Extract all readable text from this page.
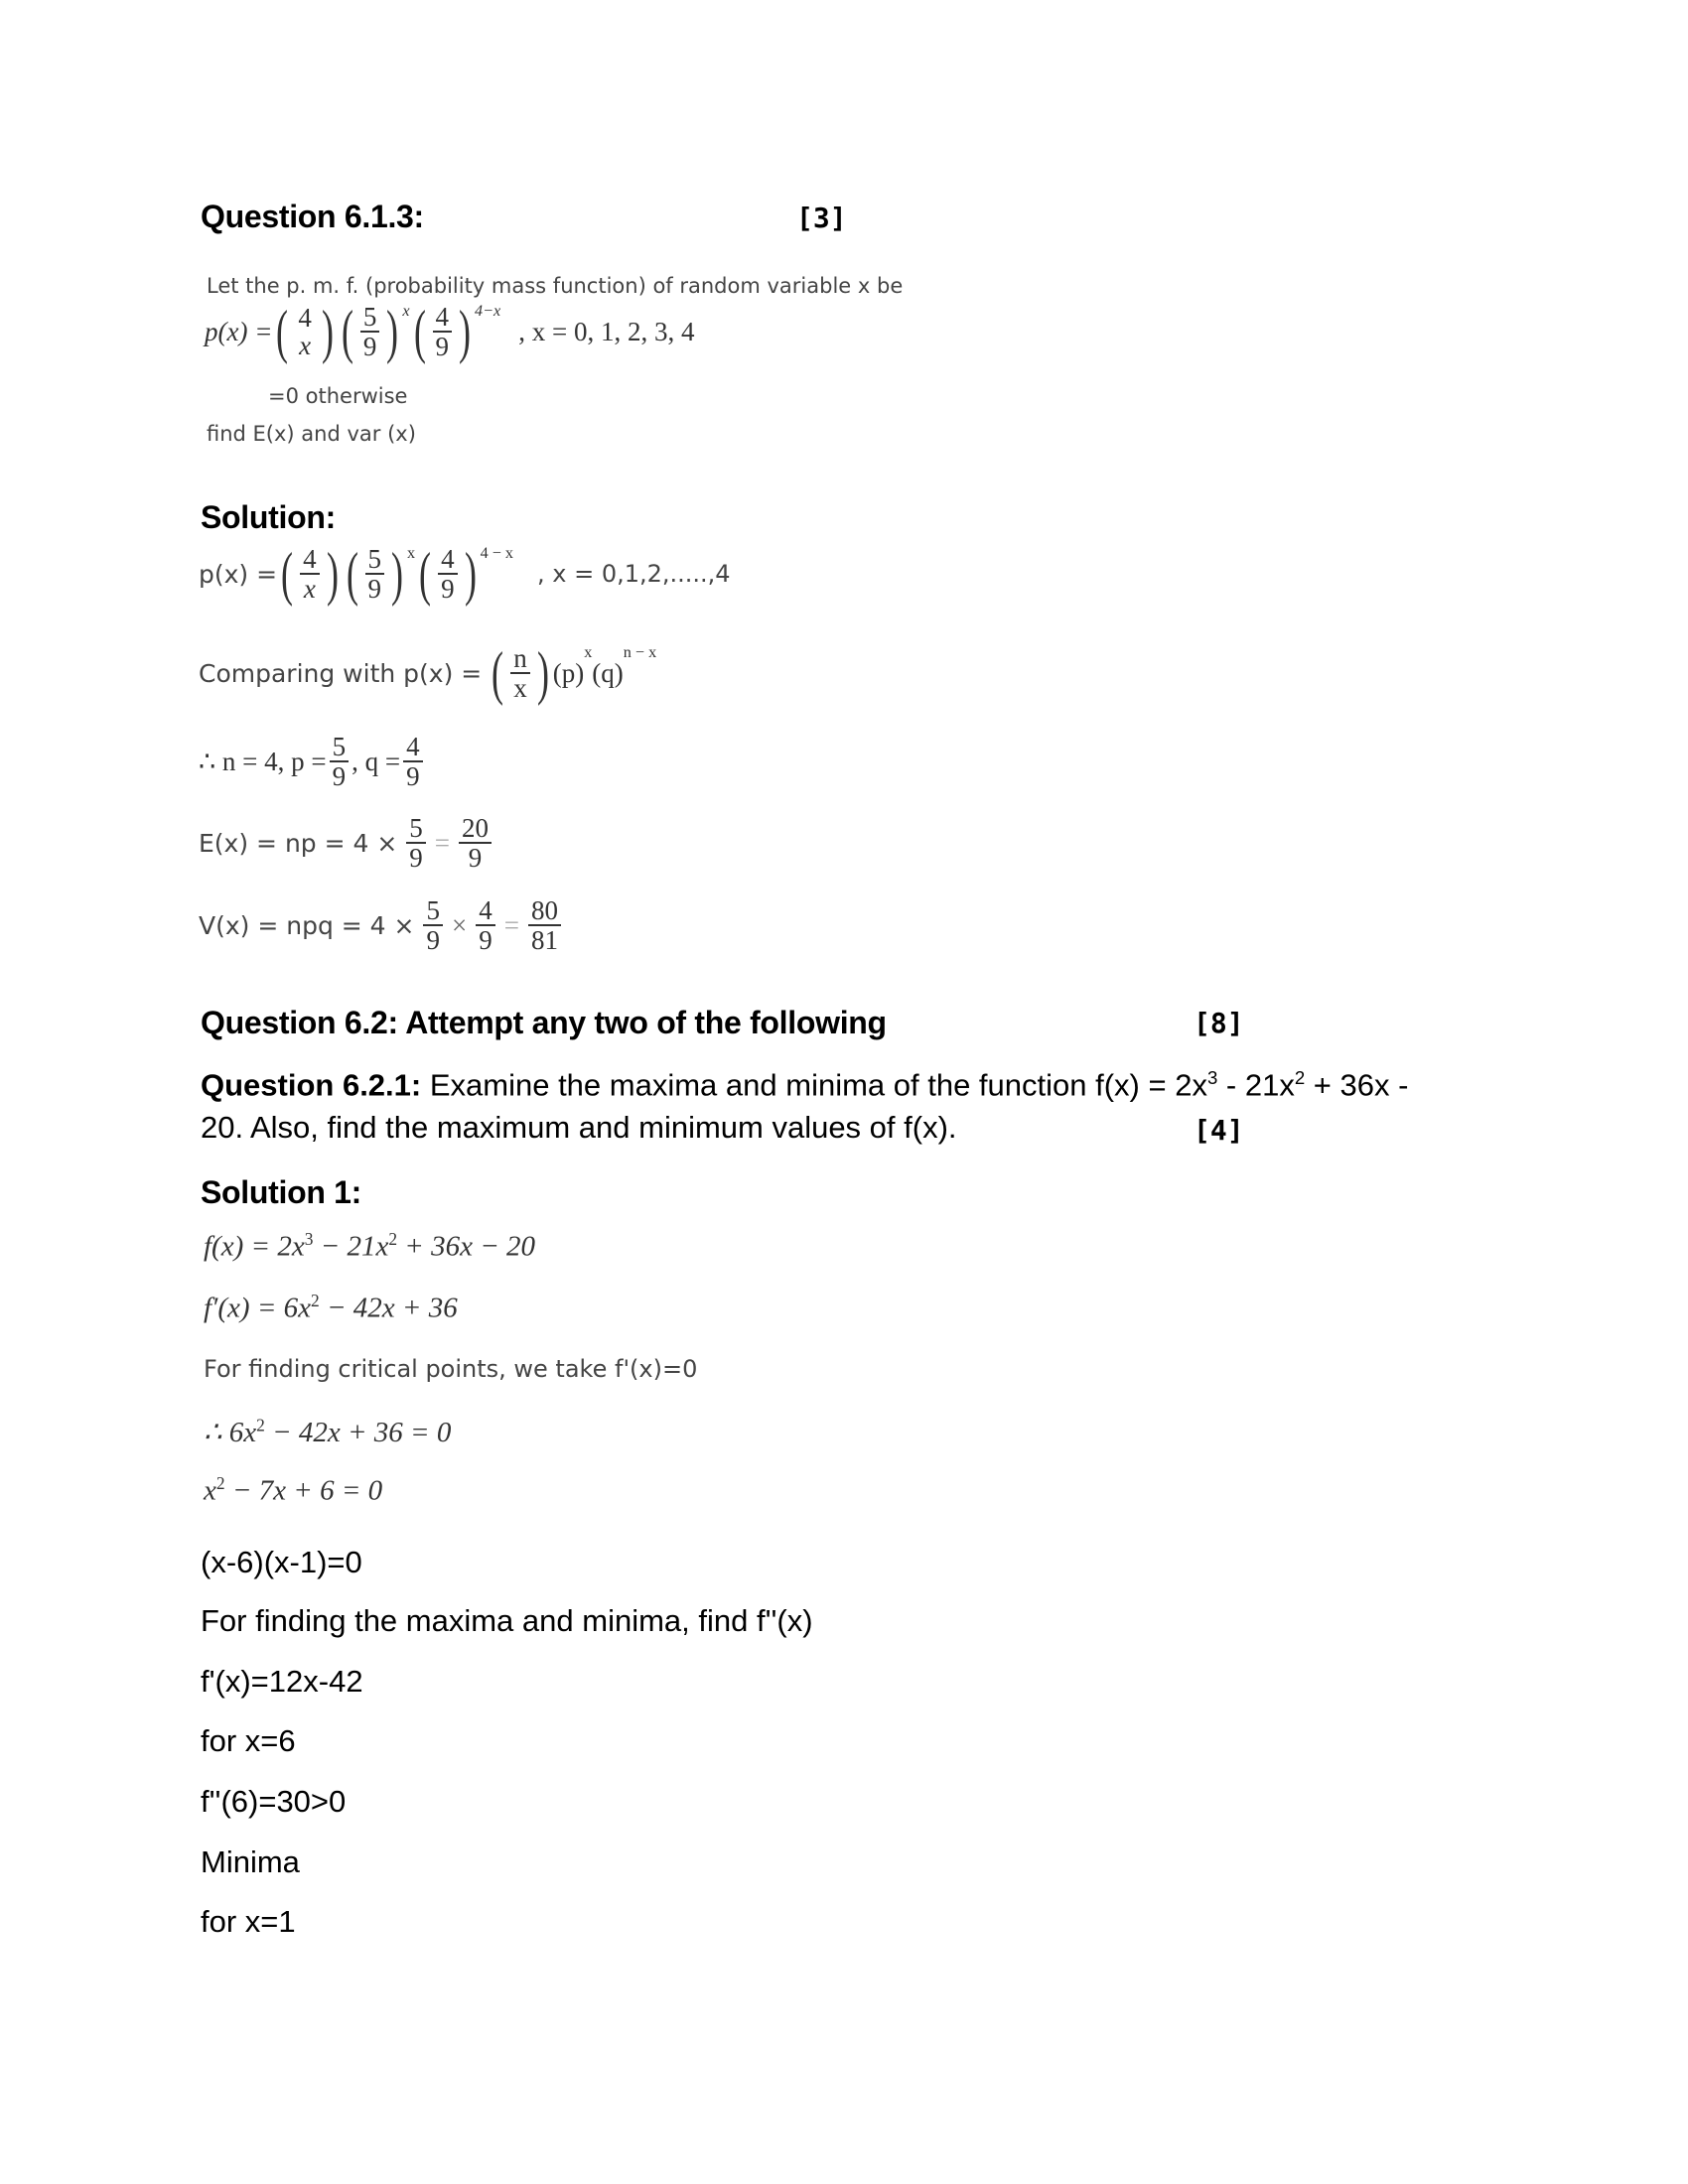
Question 6.1.3:	[3]
Let the p. m. f. (probability mass function) of random variable x be
p(x) = ( 4
x ) ( $\frac{5}{9}$ ) $^x$ ( $\frac{4}{9}$ ) $^{4-x}$
, x = 0, 1, 2, 3, 4
=0 otherwise
find E(x) and var (x)
Solution:
p(x) = ( $\frac{4}{x}$ ) ( $\frac{5}{9} )^x$ ( $\frac{4}{9} )^{4 - x}$
, x = 0,1,2,.....,4
Comparing with p(x) = ( $\frac{n}{x}$ ) (p)
$^x$
(q)
$^{n - x}$
∴ n = 4, $p = \frac{5}{9}$ , $q = \frac{4}{9}$
E(x) = np = $4 \times \frac{5}{9} = \frac{20}{9}$
V(x) = npq = $4 \times \frac{5}{9} \times \frac{4}{9} = \frac{80}{81}$
Question 6.2: Attempt any two of the following	[8]
Question 6.2.1: Examine the maxima and minima of the function $f(x) = 2x^3 - 21x^2 + 36x$ -
20. Also, find the maximum and minimum values of f(x).	[4]
Solution 1:
$f(x) = 2x^3 - 21x^2 + 36x - 20$
$f'(x) = 6x^2 - 42x + 36$
For finding critical points, we take f'(x)=0
∴ $6x^2 - 42x + 36 = 0$
$x^2 - 7x + 6 = 0$
(x-6)(x-1)=0
For finding the maxima and minima, find f''(x)
f'(x)=12x-42
for x=6
f''(6)=30>0
Minima
for x=1
